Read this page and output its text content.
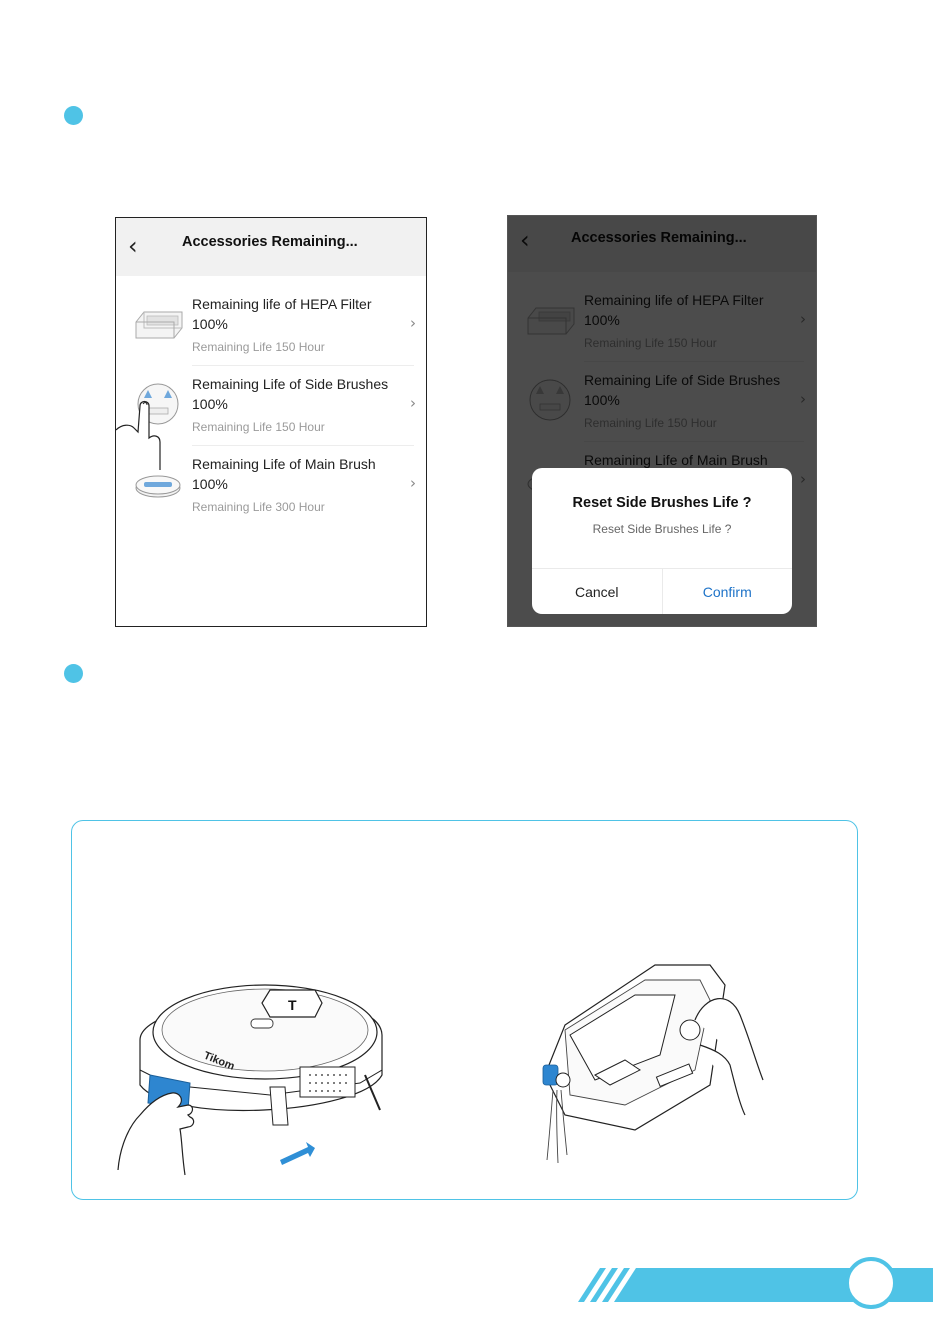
‹	Accessories Remaining...
Remaining life of HEPA Filter
100%
Remaining Life 150 Hour
›
Remaining Life of Side Brushes
100%
Remaining Life 150 Hour
›
Remaining Life of Main Brush
100%
Remaining Life 300 Hour
›
Reset Side Brushes Life ?
Reset Side Brushes Life ?
Cancel	Confirm
T
Tikom
